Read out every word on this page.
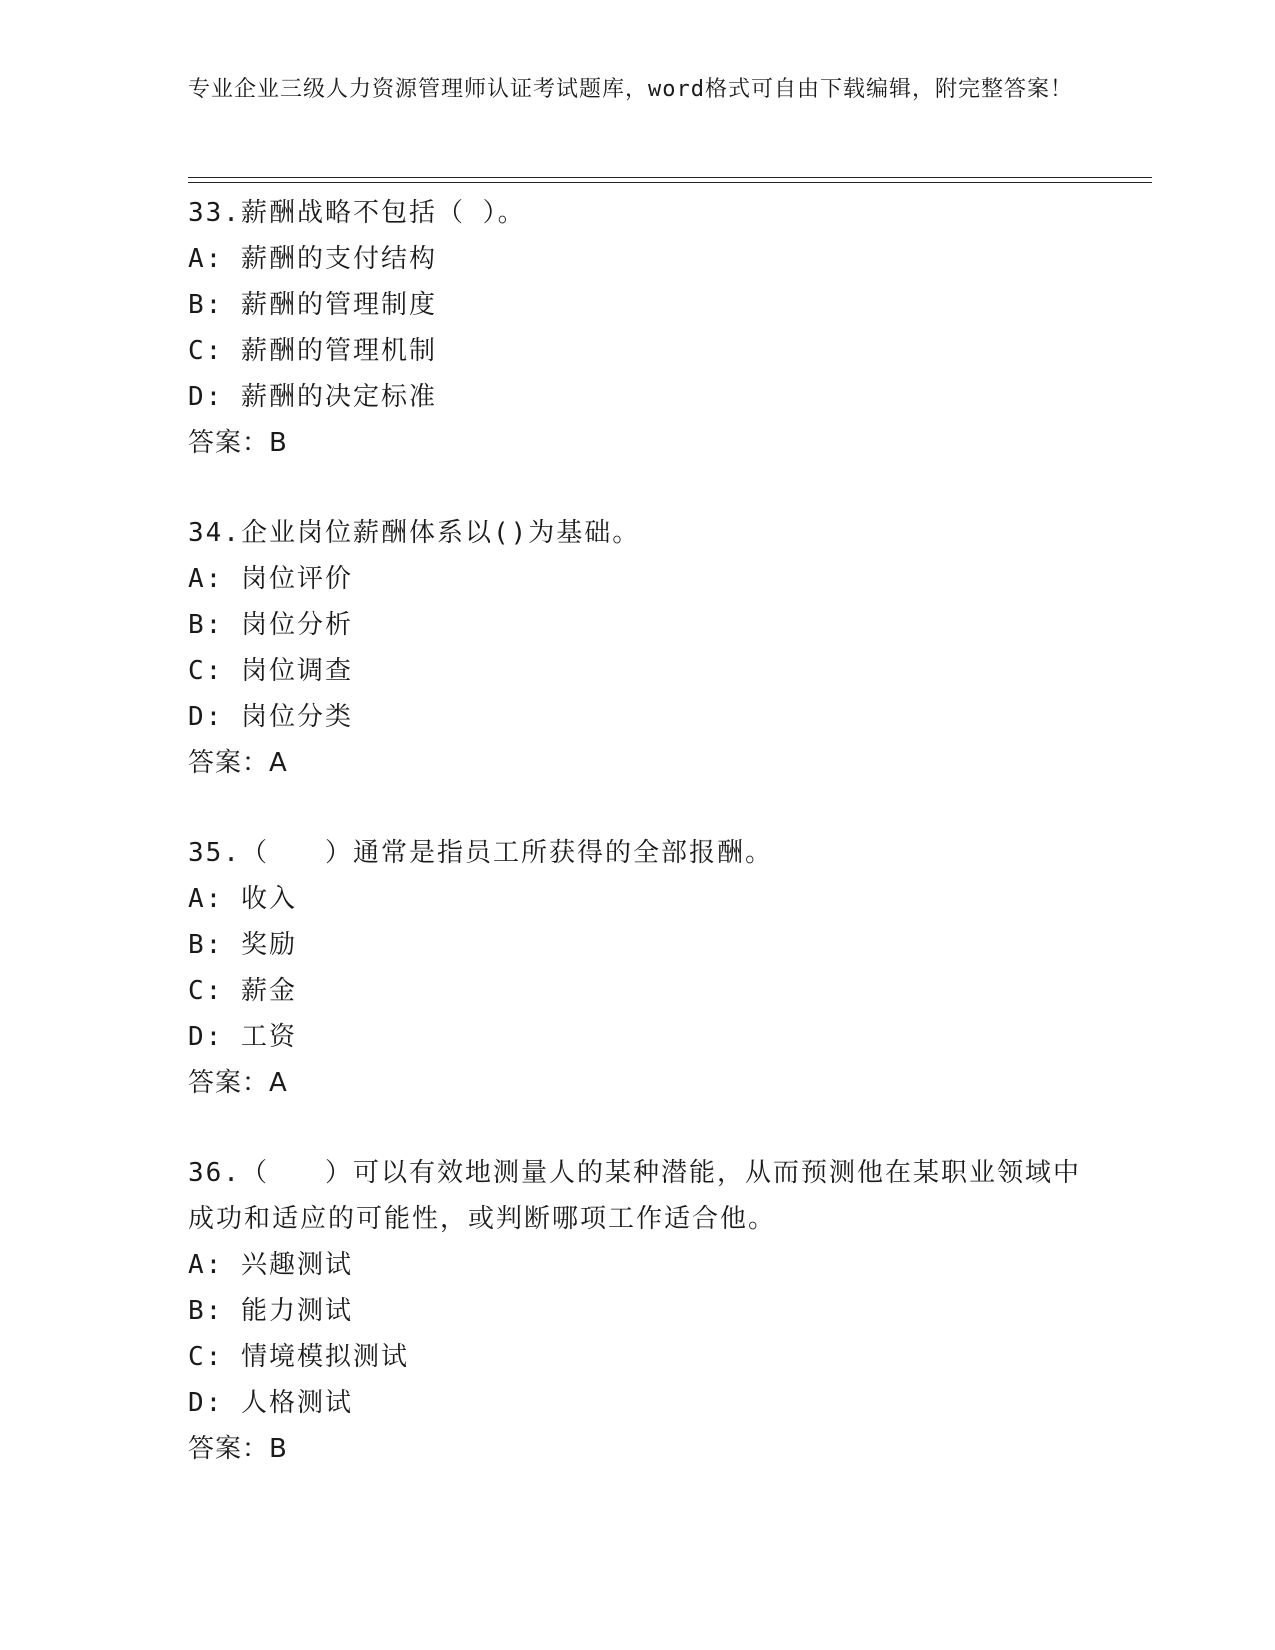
专业企业三级人力资源管理师认证考试题库，word格式可自由下载编辑，附完整答案！

33.薪酬战略不包括（ ）。

A: 薪酬的支付结构

B: 薪酬的管理制度

C: 薪酬的管理机制

D: 薪酬的决定标准

答案：B

34.企业岗位薪酬体系以()为基础。

A: 岗位评价

B: 岗位分析

C: 岗位调查

D: 岗位分类

答案：A

35.（　　）通常是指员工所获得的全部报酬。

A: 收入

B: 奖励

C: 薪金

D: 工资

答案：A

36.（　　）可以有效地测量人的某种潜能，从而预测他在某职业领域中成功和适应的可能性，或判断哪项工作适合他。

A: 兴趣测试

B: 能力测试

C: 情境模拟测试

D: 人格测试

答案：B
